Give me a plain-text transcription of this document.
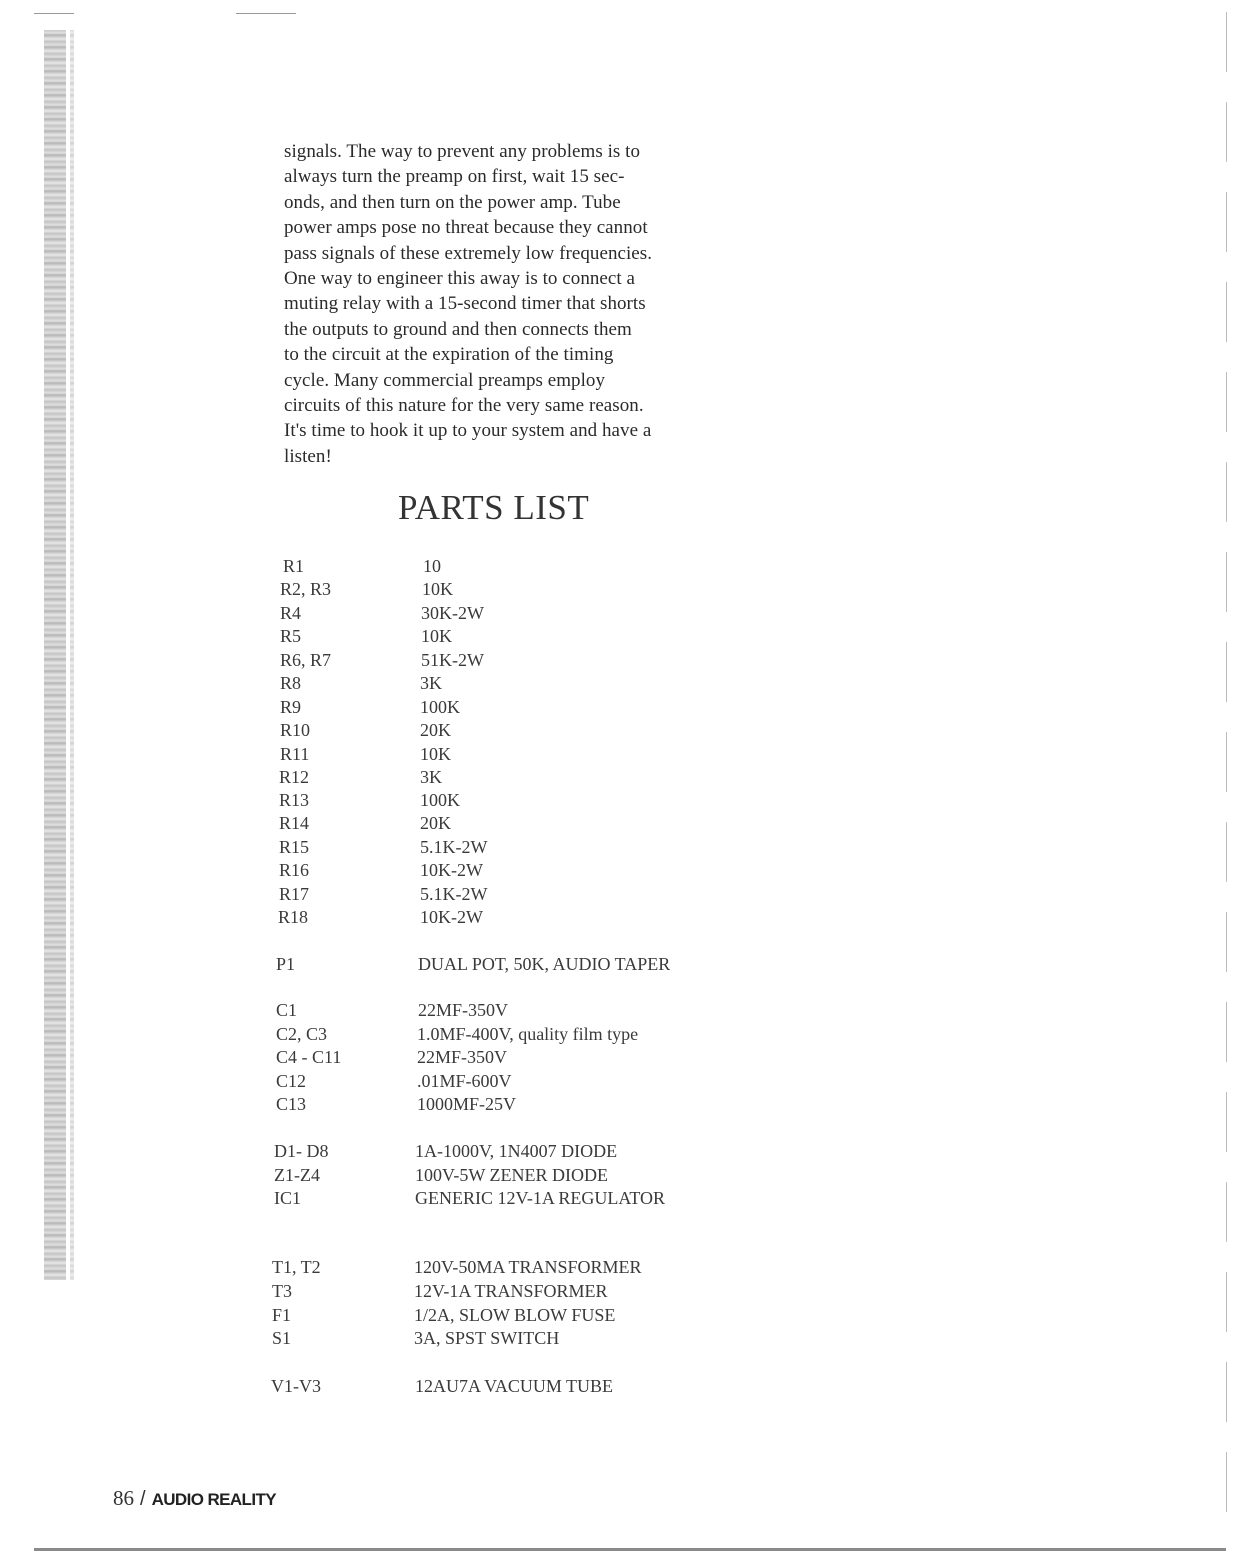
signals. The way to prevent any problems is to
always turn the preamp on first, wait 15 sec-
onds, and then turn on the power amp. Tube
power amps pose no threat because they cannot
pass signals of these extremely low frequencies.
One way to engineer this away is to connect a
muting relay with a 15-second timer that shorts
the outputs to ground and then connects them
to the circuit at the expiration of the timing
cycle. Many commercial preamps employ
circuits of this nature for the very same reason.
It's time to hook it up to your system and have a
listen!
PARTS LIST
R1	10
R2, R3	10K
R4	30K-2W
R5	10K
R6, R7	51K-2W
R8	3K
R9	100K
R10	20K
R11	10K
R12	3K
R13	100K
R14	20K
R15	5.1K-2W
R16	10K-2W
R17	5.1K-2W
R18	10K-2W
P1	DUAL POT, 50K, AUDIO TAPER
C1	22MF-350V
C2, C3	1.0MF-400V, quality film type
C4 - C11	22MF-350V
C12	.01MF-600V
C13	1000MF-25V
D1- D8	1A-1000V, 1N4007 DIODE
Z1-Z4	100V-5W ZENER DIODE
IC1	GENERIC 12V-1A REGULATOR
T1, T2	120V-50MA TRANSFORMER
T3	12V-1A TRANSFORMER
F1	1/2A, SLOW BLOW FUSE
S1	3A, SPST SWITCH
V1-V3	12AU7A VACUUM TUBE
86 / AUDIO REALITY
